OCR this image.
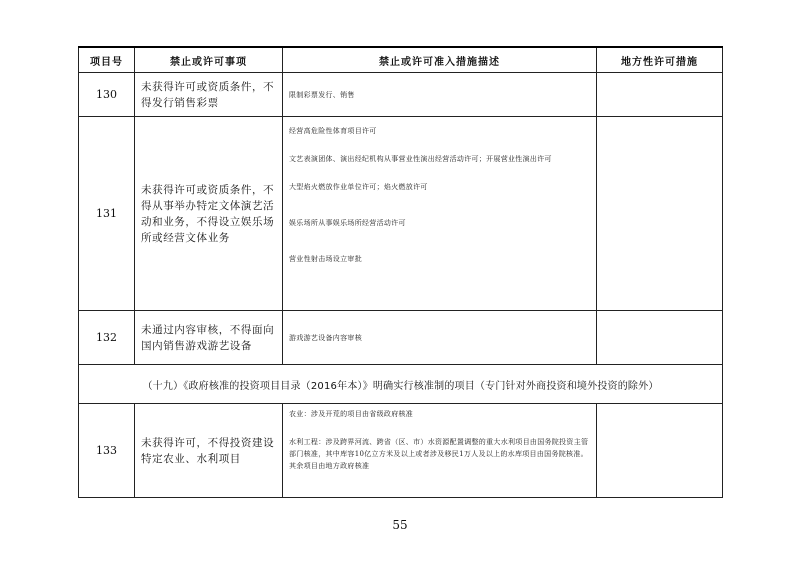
项目号	禁止或许可事项	禁止或许可准入措施描述	地方性许可措施
130	未获得许可或资质条件，不得发行销售彩票	限制彩票发行、销售	

131	未获得许可或资质条件，不得从事举办特定文体演艺活动和业务，不得设立娱乐场所或经营文体业务	经营高危险性体育项目许可
文艺表演团体、演出经纪机构从事营业性演出经营活动许可；开展营业性演出许可
大型焰火燃放作业单位许可；焰火燃放许可
娱乐场所从事娱乐场所经营活动许可
营业性射击场设立审批	

132	未通过内容审核，不得面向国内销售游戏游艺设备	游戏游艺设备内容审核	

（十九）《政府核准的投资项目目录（2016年本）》明确实行核准制的项目（专门针对外商投资和境外投资的除外）			
133	未获得许可，不得投资建设特定农业、水利项目	农业：涉及开荒的项目由省级政府核准
水利工程：涉及跨界河流、跨省（区、市）水资源配置调整的重大水利项目由国务院投资主管部门核准，其中库容10亿立方米及以上或者涉及移民1万人及以上的水库项目由国务院核准。其余项目由地方政府核准	

55
